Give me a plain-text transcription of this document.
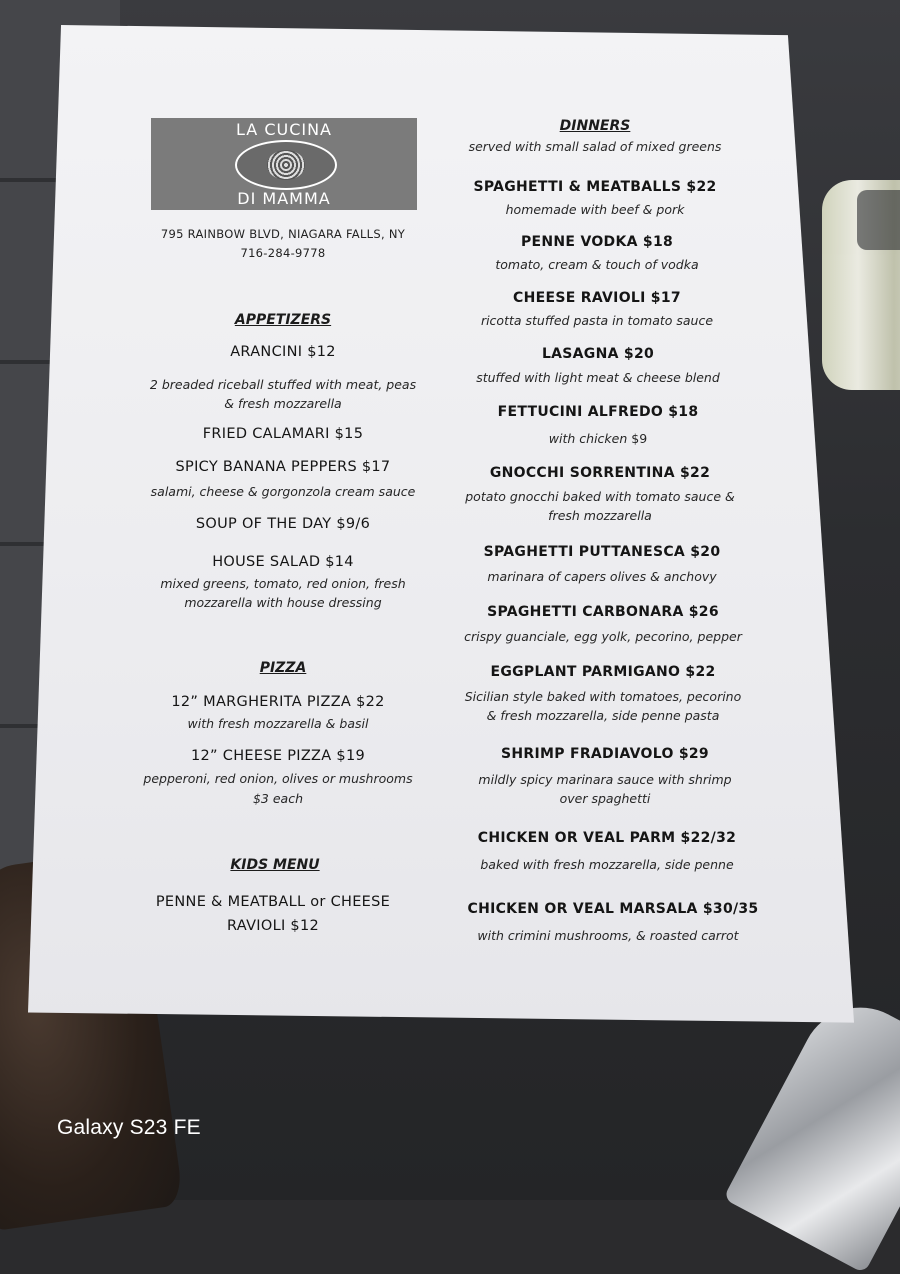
LA CUCINA
DI MAMMA
795 RAINBOW BLVD, NIAGARA FALLS, NY
716-284-9778
APPETIZERS
ARANCINI $12
2 breaded riceball stuffed with meat, peas
& fresh mozzarella
FRIED CALAMARI $15
SPICY BANANA PEPPERS $17
salami, cheese & gorgonzola cream sauce
SOUP OF THE DAY $9/6
HOUSE SALAD $14
mixed greens, tomato, red onion, fresh
mozzarella with house dressing
PIZZA
12” MARGHERITA PIZZA $22
with fresh mozzarella & basil
12” CHEESE PIZZA $19
pepperoni, red onion, olives or mushrooms
$3 each
KIDS MENU
PENNE & MEATBALL or CHEESE
RAVIOLI $12
DINNERS
served with small salad of mixed greens
SPAGHETTI & MEATBALLS $22
homemade with beef & pork
PENNE VODKA $18
tomato, cream & touch of vodka
CHEESE RAVIOLI $17
ricotta stuffed pasta in tomato sauce
LASAGNA $20
stuffed with light meat & cheese blend
FETTUCINI ALFREDO $18
with chicken $9
GNOCCHI SORRENTINA $22
potato gnocchi baked with tomato sauce &
fresh mozzarella
SPAGHETTI PUTTANESCA $20
marinara of capers olives & anchovy
SPAGHETTI CARBONARA $26
crispy guanciale, egg yolk, pecorino, pepper
EGGPLANT PARMIGANO $22
Sicilian style baked with tomatoes, pecorino
& fresh mozzarella, side penne pasta
SHRIMP FRADIAVOLO $29
mildly spicy marinara sauce with shrimp
over spaghetti
CHICKEN OR VEAL PARM $22/32
baked with fresh mozzarella, side penne
CHICKEN OR VEAL MARSALA $30/35
with crimini mushrooms, & roasted carrot
Galaxy S23 FE
